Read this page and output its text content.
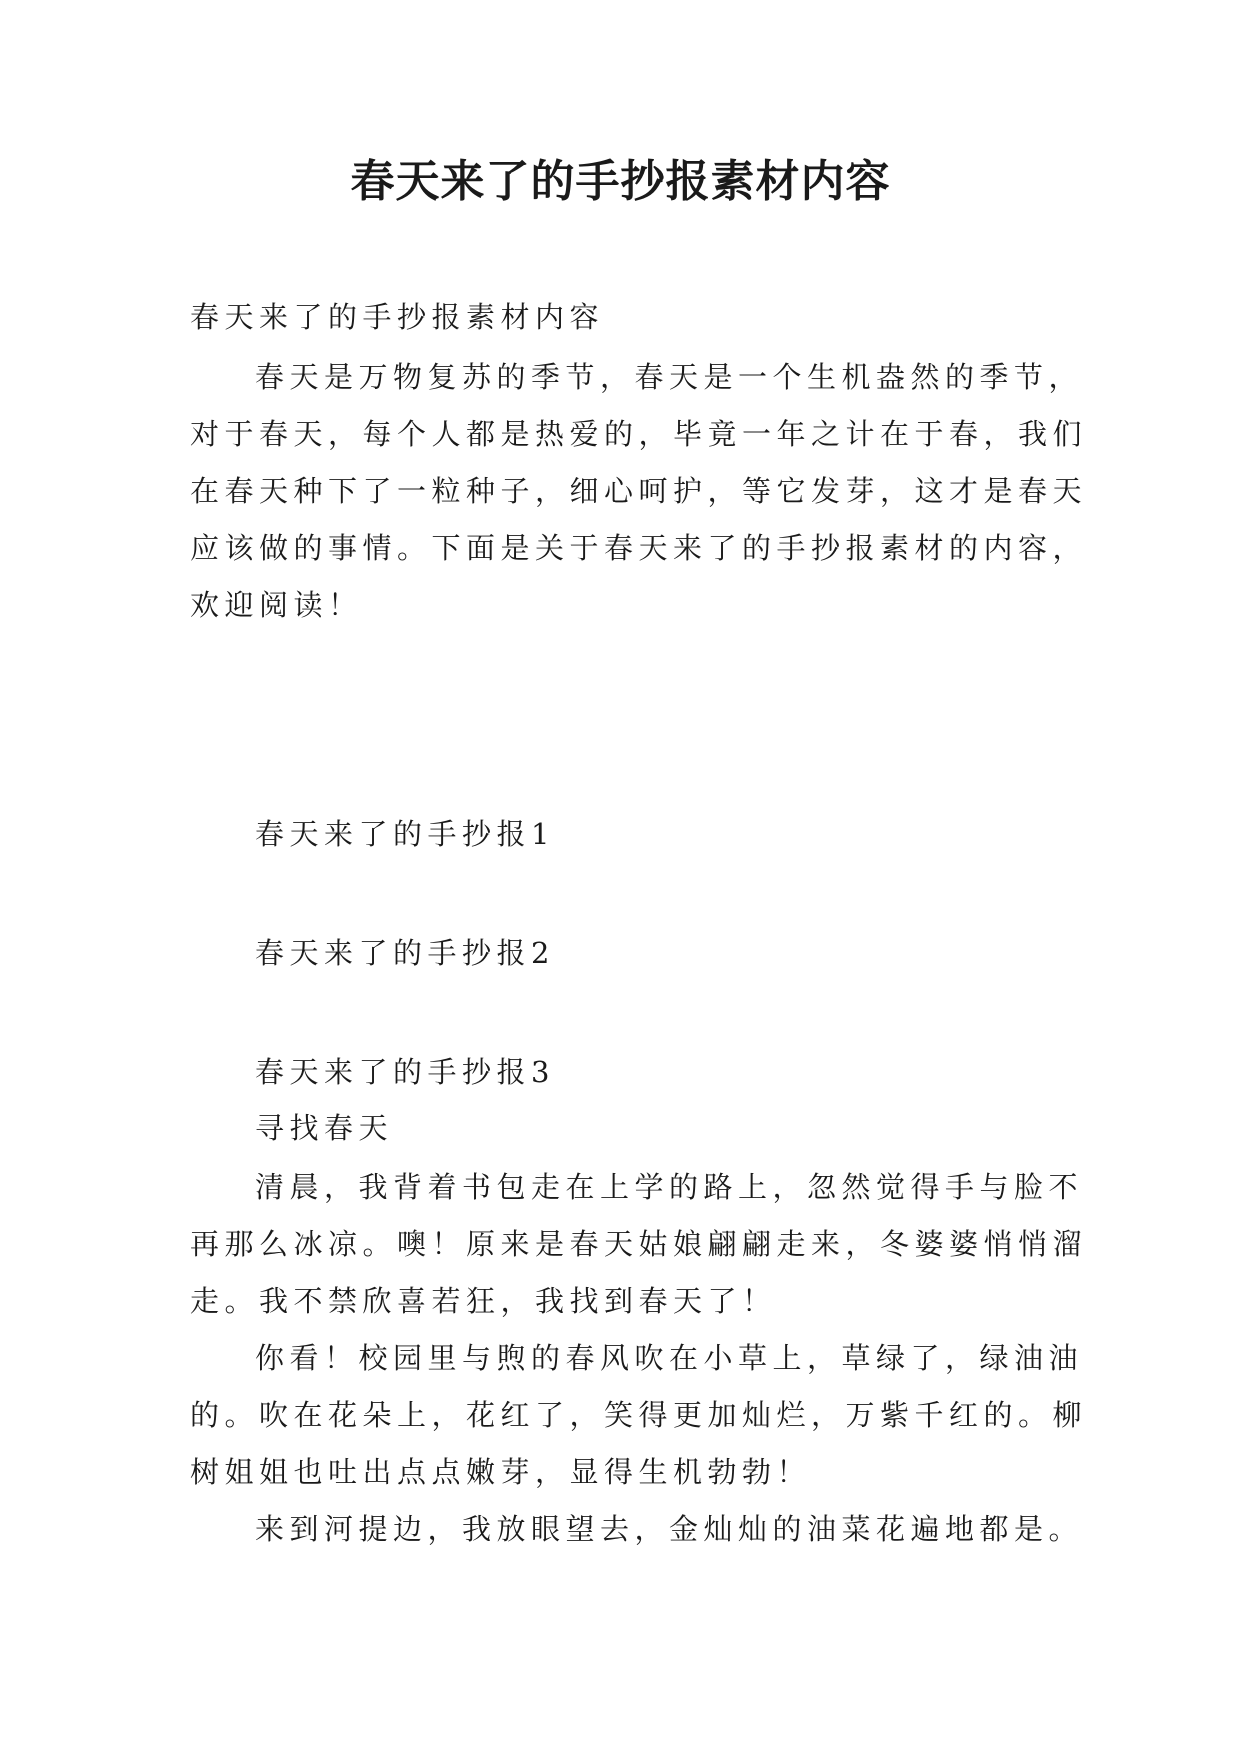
春天来了的手抄报素材内容
春天来了的手抄报素材内容
春天是万物复苏的季节，春天是一个生机盎然的季节，
对于春天，每个人都是热爱的，毕竟一年之计在于春，我们
在春天种下了一粒种子，细心呵护，等它发芽，这才是春天
应该做的事情。下面是关于春天来了的手抄报素材的内容，
欢迎阅读！
春天来了的手抄报1
春天来了的手抄报2
春天来了的手抄报3
寻找春天
清晨，我背着书包走在上学的路上，忽然觉得手与脸不
再那么冰凉。噢！原来是春天姑娘翩翩走来，冬婆婆悄悄溜
走。我不禁欣喜若狂，我找到春天了！
你看！校园里与煦的春风吹在小草上，草绿了，绿油油
的。吹在花朵上，花红了，笑得更加灿烂，万紫千红的。柳
树姐姐也吐出点点嫩芽，显得生机勃勃！
来到河提边，我放眼望去，金灿灿的油菜花遍地都是。
